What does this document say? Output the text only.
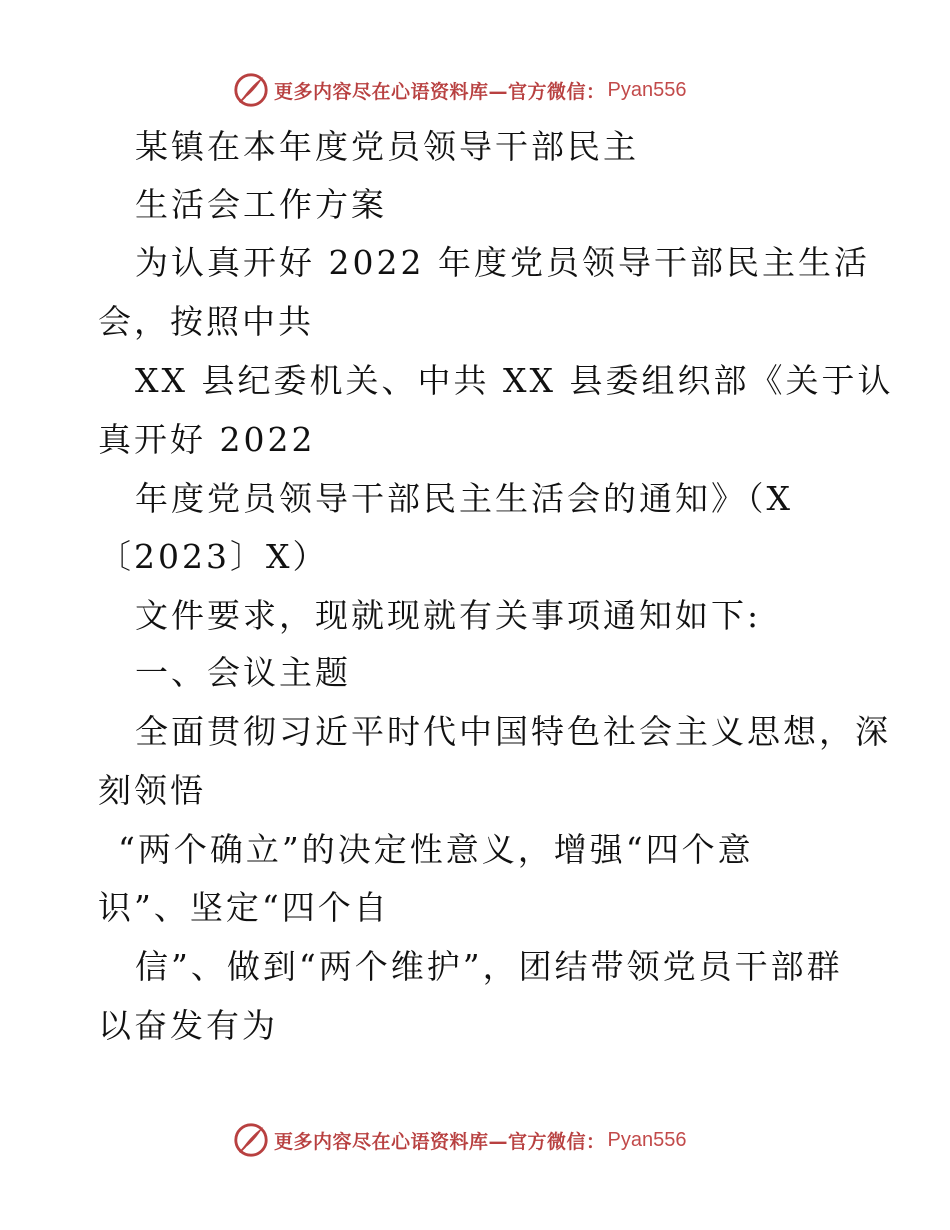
更多内容尽在心语资料库—官方微信： Pyan556
某镇在本年度党员领导干部民主
生活会工作方案
为认真开好 2022 年度党员领导干部民主生活
会，按照中共
XX 县纪委机关、中共 XX 县委组织部《关于认
真开好 2022
年度党员领导干部民主生活会的通知》（X
〔2023〕X）
文件要求，现就现就有关事项通知如下:
一、会议主题
全面贯彻习近平时代中国特色社会主义思想，深
刻领悟
“两个确立”的决定性意义，增强“四个意
识”、坚定“四个自
信”、做到“两个维护”，团结带领党员干部群
以奋发有为
更多内容尽在心语资料库—官方微信： Pyan556
